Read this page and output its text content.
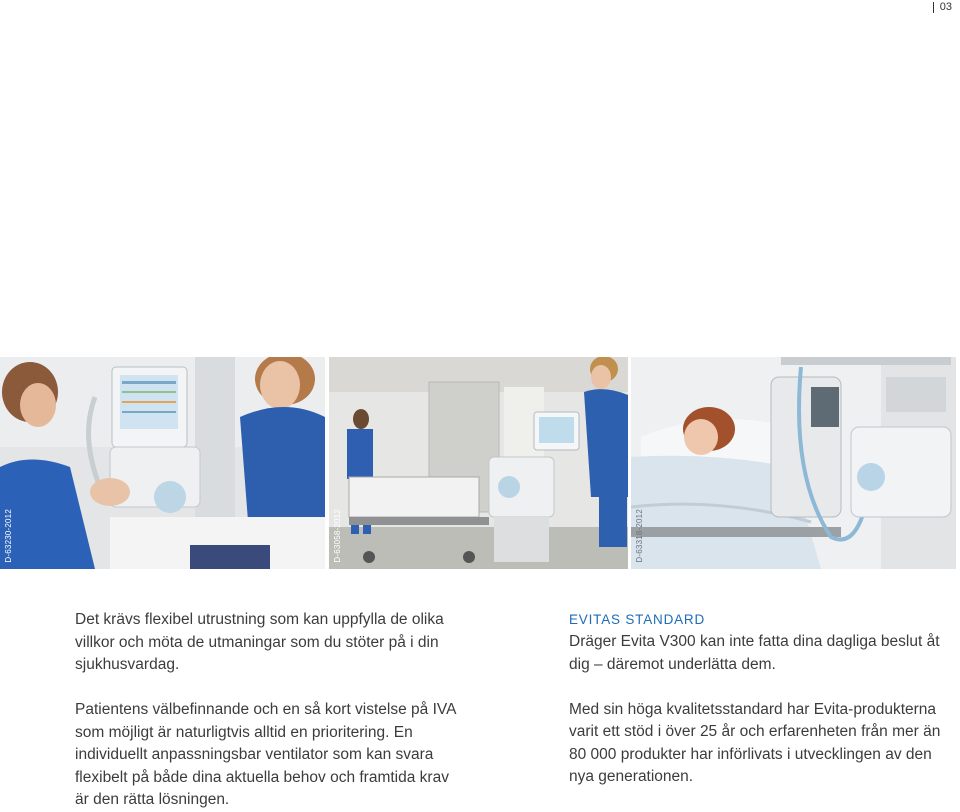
03
D-63230-2012	D-63058-2012	D-63318-2012

Det krävs flexibel utrustning som kan uppfylla de olika villkor och möta de utmaningar som du stöter på i din sjukhusvardag.

Patientens välbefinnande och en så kort vistelse på IVA som möjligt är naturligtvis alltid en prioritering. En individuellt anpassningsbar ventilator som kan svara flexibelt på både dina aktuella behov och framtida krav är den rätta lösningen.

EVITAS STANDARD

Dräger Evita V300 kan inte fatta dina dagliga beslut åt dig – däremot underlätta dem.

Med sin höga kvalitetsstandard har Evita-produkterna varit ett stöd i över 25 år och erfarenheten från mer än 80 000 produkter har införlivats i utvecklingen av den nya generationen.
